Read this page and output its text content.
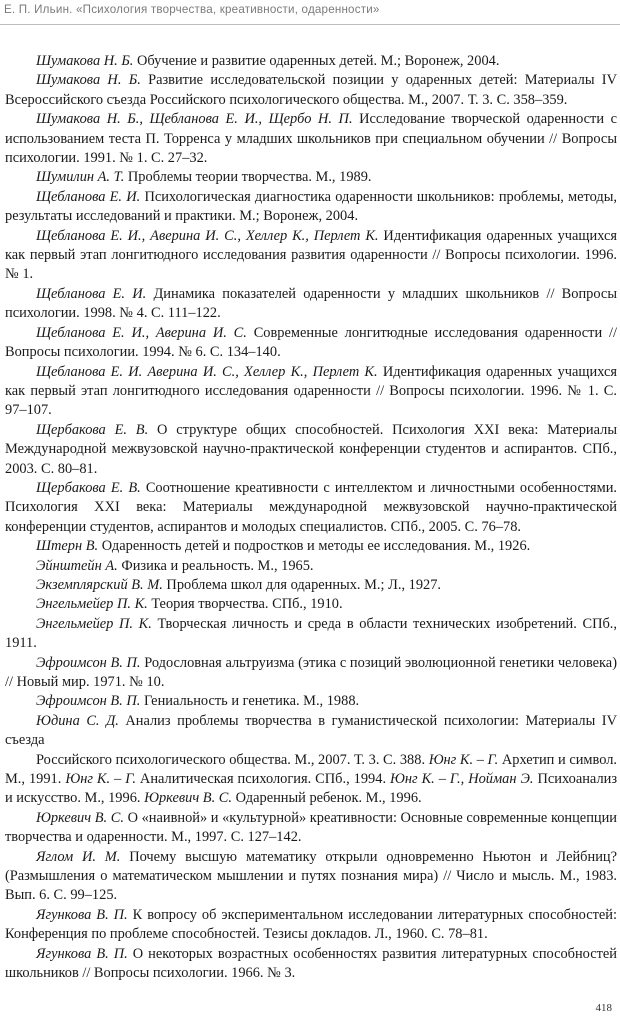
Е. П. Ильин. «Психология творчества, креативности, одаренности»

Шумакова Н. Б. Обучение и развитие одаренных детей. М.; Воронеж, 2004.

Шумакова Н. Б. Развитие исследовательской позиции у одаренных детей: Материалы IV Всероссийского съезда Российского психологического общества. М., 2007. Т. 3. С. 358–359.

Шумакова Н. Б., Щебланова Е. И., Щербо Н. П. Исследование творческой одаренности с использованием теста П. Торренса у младших школьников при специальном обучении // Вопросы психологии. 1991. № 1. С. 27–32.

Шумилин А. Т. Проблемы теории творчества. М., 1989.

Щебланова Е. И. Психологическая диагностика одаренности школьников: проблемы, методы, результаты исследований и практики. М.; Воронеж, 2004.

Щебланова Е. И., Аверина И. С., Хеллер К., Перлет К. Идентификация одаренных учащихся как первый этап лонгитюдного исследования развития одаренности // Вопросы психологии. 1996. № 1.

Щебланова Е. И. Динамика показателей одаренности у младших школьников // Вопросы психологии. 1998. № 4. С. 111–122.

Щебланова Е. И., Аверина И. С. Современные лонгитюдные исследования одаренности // Вопросы психологии. 1994. № 6. С. 134–140.

Щебланова Е. И. Аверина И. С., Хеллер К., Перлет К. Идентификация одаренных учащихся как первый этап лонгитюдного исследования одаренности // Вопросы психологии. 1996. № 1. С. 97–107.

Щербакова Е. В. О структуре общих способностей. Психология XXI века: Материалы Международной межвузовской научно-практической конференции студентов и аспирантов. СПб., 2003. С. 80–81.

Щербакова Е. В. Соотношение креативности с интеллектом и личностными особенностями. Психология XXI века: Материалы международной межвузовской научно-практической конференции студентов, аспирантов и молодых специалистов. СПб., 2005. С. 76–78.

Штерн В. Одаренность детей и подростков и методы ее исследования. М., 1926.

Эйнштейн А. Физика и реальность. М., 1965.

Экземплярский В. М. Проблема школ для одаренных. М.; Л., 1927.

Энгельмейер П. К. Теория творчества. СПб., 1910.

Энгельмейер П. К. Творческая личность и среда в области технических изобретений. СПб., 1911.

Эфроимсон В. П. Родословная альтруизма (этика с позиций эволюционной генетики человека) // Новый мир. 1971. № 10.

Эфроимсон В. П. Гениальность и генетика. М., 1988.

Юдина С. Д. Анализ проблемы творчества в гуманистической психологии: Материалы IV съезда

Российского психологического общества. М., 2007. Т. 3. С. 388. Юнг К. – Г. Архетип и символ. М., 1991. Юнг К. – Г. Аналитическая психология. СПб., 1994. Юнг К. – Г., Нойман Э. Психоанализ и искусство. М., 1996. Юркевич В. С. Одаренный ребенок. М., 1996.

Юркевич В. С. О «наивной» и «культурной» креативности: Основные современные концепции творчества и одаренности. М., 1997. С. 127–142.

Яглом И. М. Почему высшую математику открыли одновременно Ньютон и Лейбниц? (Размышления о математическом мышлении и путях познания мира) // Число и мысль. М., 1983. Вып. 6. С. 99–125.

Ягункова В. П. К вопросу об экспериментальном исследовании литературных способностей: Конференция по проблеме способностей. Тезисы докладов. Л., 1960. С. 78–81.

Ягункова В. П. О некоторых возрастных особенностях развития литературных способностей школьников // Вопросы психологии. 1966. № 3.

418
